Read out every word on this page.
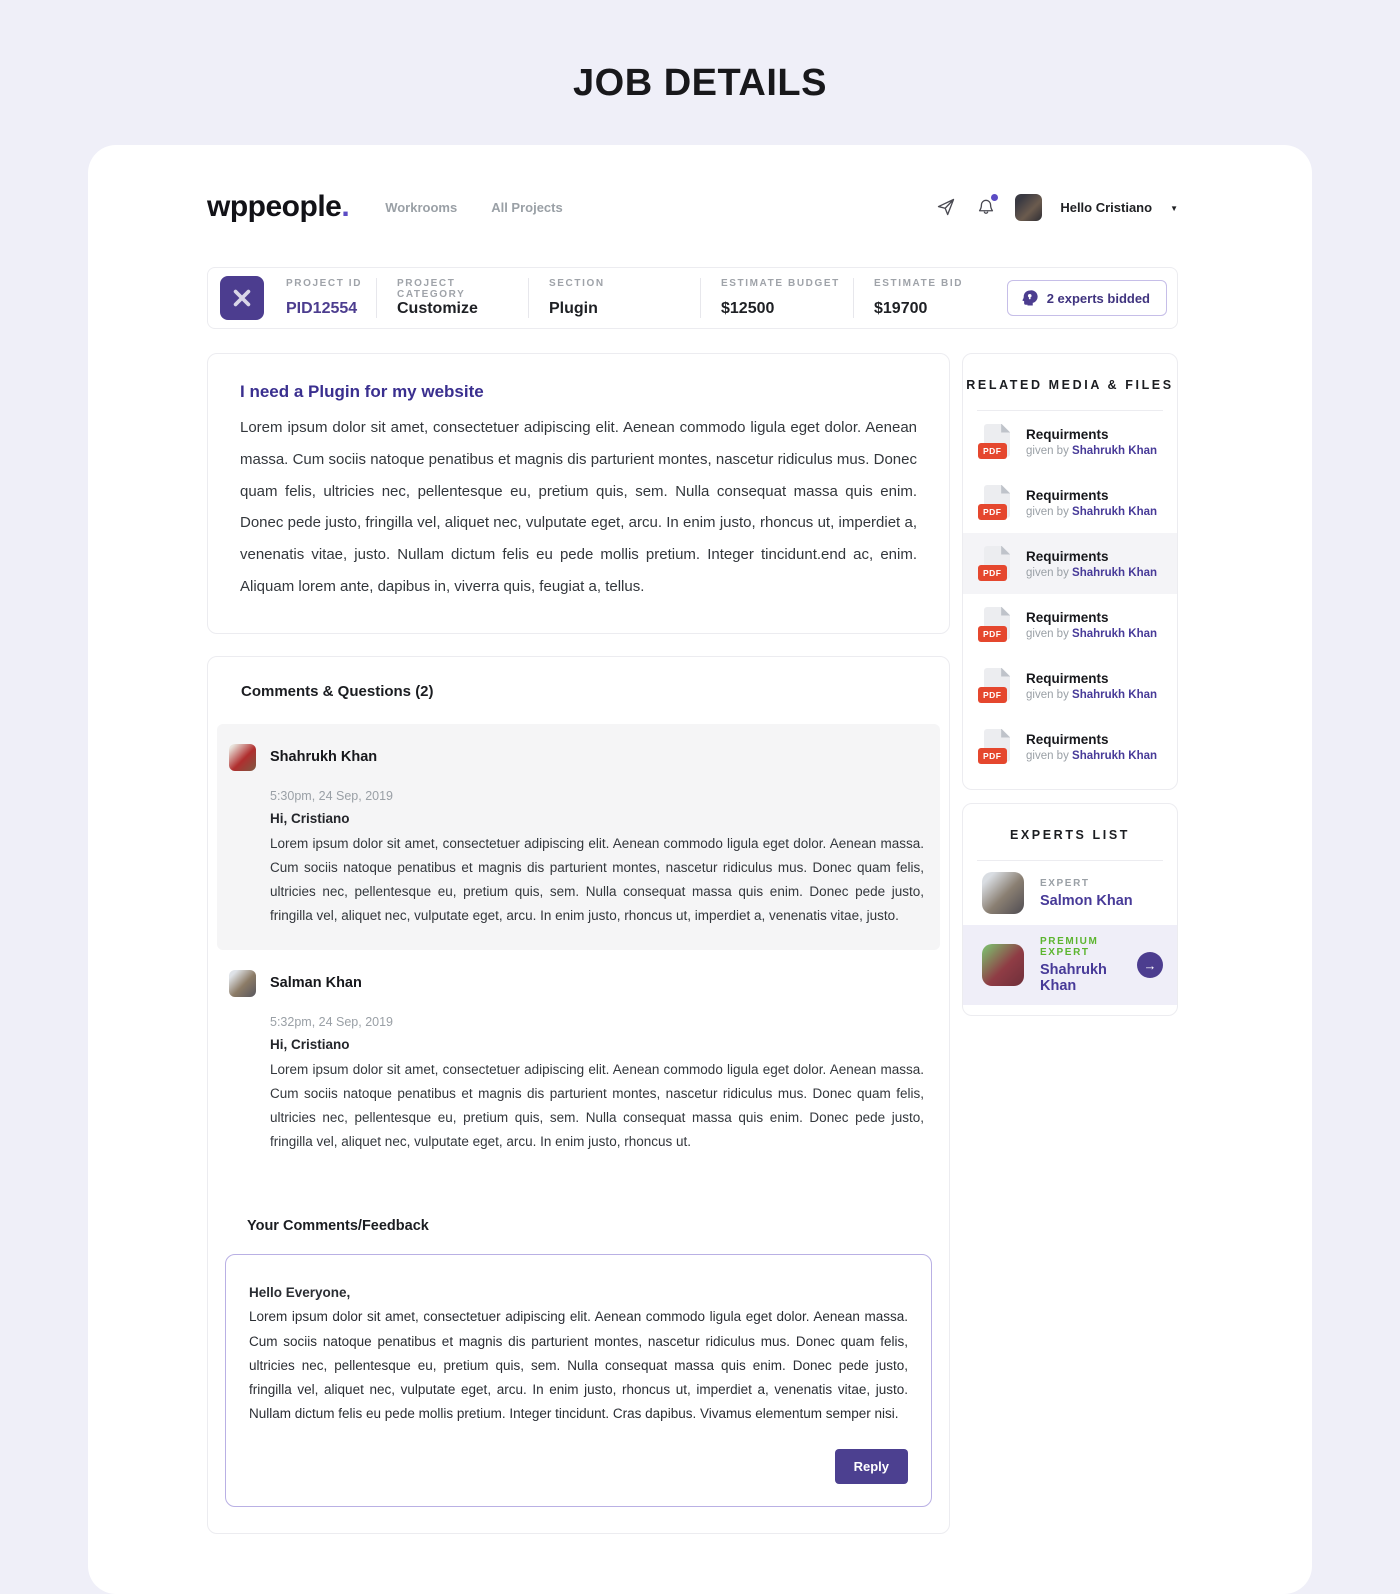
JOB DETAILS
wppeople.	Workrooms	All Projects	Hello Cristiano
▼
PROJECT ID
PID12554
PROJECT CATEGORY
Customize
SECTION
Plugin
ESTIMATE BUDGET
$12500
ESTIMATE BID
$19700
2 experts bidded
I need a Plugin for my website

Lorem ipsum dolor sit amet, consectetuer adipiscing elit. Aenean commodo ligula eget dolor. Aenean massa. Cum sociis natoque penatibus et magnis dis parturient montes, nascetur ridiculus mus. Donec quam felis, ultricies nec, pellentesque eu, pretium quis, sem. Nulla consequat massa quis enim. Donec pede justo, fringilla vel, aliquet nec, vulputate eget, arcu. In enim justo, rhoncus ut, imperdiet a, venenatis vitae, justo. Nullam dictum felis eu pede mollis pretium. Integer tincidunt.end ac, enim. Aliquam lorem ante, dapibus in, viverra quis, feugiat a, tellus.

Comments & Questions (2)
Shahrukh Khan
5:30pm, 24 Sep, 2019
Hi, Cristiano
Lorem ipsum dolor sit amet, consectetuer adipiscing elit. Aenean commodo ligula eget dolor. Aenean massa. Cum sociis natoque penatibus et magnis dis parturient montes, nascetur ridiculus mus. Donec quam felis, ultricies nec, pellentesque eu, pretium quis, sem. Nulla consequat massa quis enim. Donec pede justo, fringilla vel, aliquet nec, vulputate eget, arcu. In enim justo, rhoncus ut, imperdiet a, venenatis vitae, justo.
Salman Khan
5:32pm, 24 Sep, 2019
Hi, Cristiano
Lorem ipsum dolor sit amet, consectetuer adipiscing elit. Aenean commodo ligula eget dolor. Aenean massa. Cum sociis natoque penatibus et magnis dis parturient montes, nascetur ridiculus mus. Donec quam felis, ultricies nec, pellentesque eu, pretium quis, sem. Nulla consequat massa quis enim. Donec pede justo, fringilla vel, aliquet nec, vulputate eget, arcu. In enim justo, rhoncus ut.
Your Comments/Feedback
Hello Everyone,
Lorem ipsum dolor sit amet, consectetuer adipiscing elit. Aenean commodo ligula eget dolor. Aenean massa. Cum sociis natoque penatibus et magnis dis parturient montes, nascetur ridiculus mus. Donec quam felis, ultricies nec, pellentesque eu, pretium quis, sem. Nulla consequat massa quis enim. Donec pede justo, fringilla vel, aliquet nec, vulputate eget, arcu. In enim justo, rhoncus ut, imperdiet a, venenatis vitae, justo. Nullam dictum felis eu pede mollis pretium. Integer tincidunt. Cras dapibus. Vivamus elementum semper nisi.
Reply
RELATED MEDIA & FILES
PDF
Requirments
given by Shahrukh Khan
PDF
Requirments
given by Shahrukh Khan
PDF
Requirments
given by Shahrukh Khan
PDF
Requirments
given by Shahrukh Khan
PDF
Requirments
given by Shahrukh Khan
PDF
Requirments
given by Shahrukh Khan
EXPERTS LIST
EXPERT
Salmon Khan
PREMIUM EXPERT
Shahrukh Khan
→
